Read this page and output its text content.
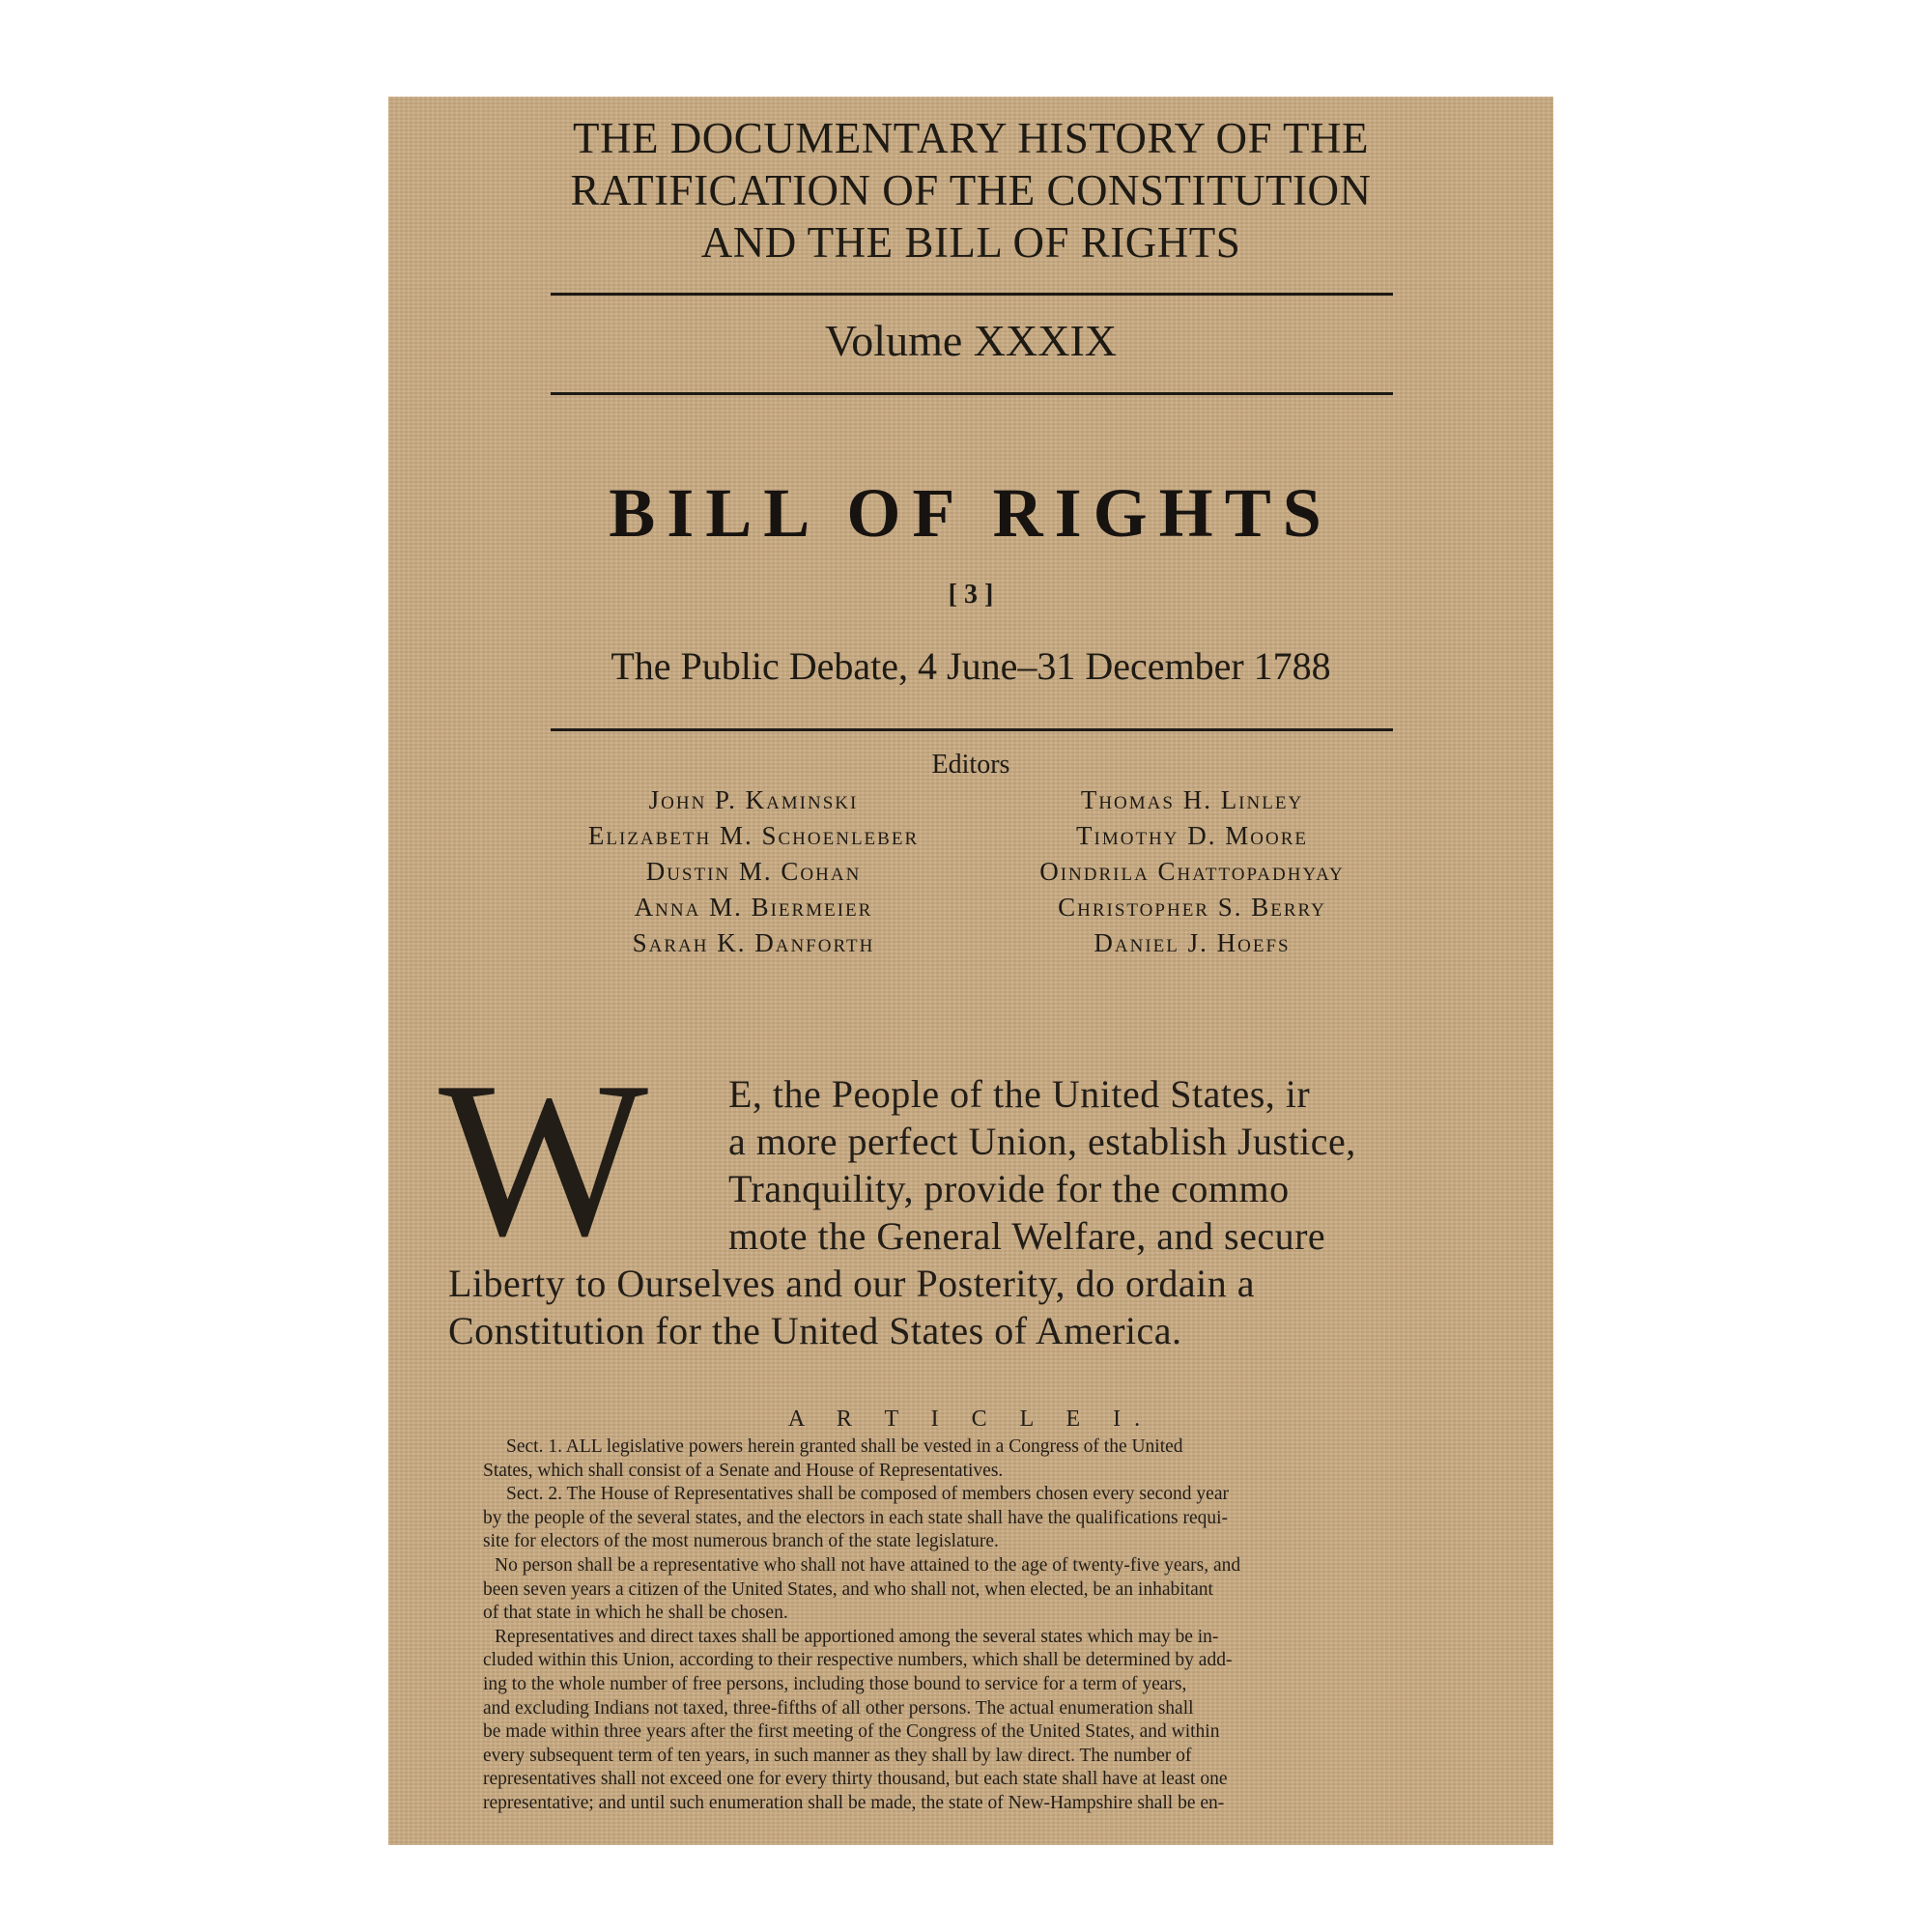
THE DOCUMENTARY HISTORY OF THE
RATIFICATION OF THE CONSTITUTION
AND THE BILL OF RIGHTS
Volume XXXIX
BILL OF RIGHTS
[ 3 ]
The Public Debate, 4 June–31 December 1788
Editors
John P. Kaminski
Elizabeth M. Schoenleber
Dustin M. Cohan
Anna M. Biermeier
Sarah K. Danforth
Thomas H. Linley
Timothy D. Moore
Oindrila Chattopadhyay
Christopher S. Berry
Daniel J. Hoefs
W	E, the People of the United States, ir
a more perfect Union, establish Justice,
Tranquility, provide for the commo
mote the General Welfare, and secure
Liberty to Ourselves and our Posterity, do ordain a
Constitution for the United States of America.
A R T I C L E I.
Sect. 1. ALL legislative powers herein granted shall be vested in a Congress of the United
States, which shall consist of a Senate and House of Representatives.
Sect. 2. The House of Representatives shall be composed of members chosen every second year
by the people of the several states, and the electors in each state shall have the qualifications requi-
site for electors of the most numerous branch of the state legislature.
No person shall be a representative who shall not have attained to the age of twenty-five years, and
been seven years a citizen of the United States, and who shall not, when elected, be an inhabitant
of that state in which he shall be chosen.
Representatives and direct taxes shall be apportioned among the several states which may be in-
cluded within this Union, according to their respective numbers, which shall be determined by add-
ing to the whole number of free persons, including those bound to service for a term of years,
and excluding Indians not taxed, three-fifths of all other persons. The actual enumeration shall
be made within three years after the first meeting of the Congress of the United States, and within
every subsequent term of ten years, in such manner as they shall by law direct. The number of
representatives shall not exceed one for every thirty thousand, but each state shall have at least one
representative; and until such enumeration shall be made, the state of New-Hampshire shall be en-
